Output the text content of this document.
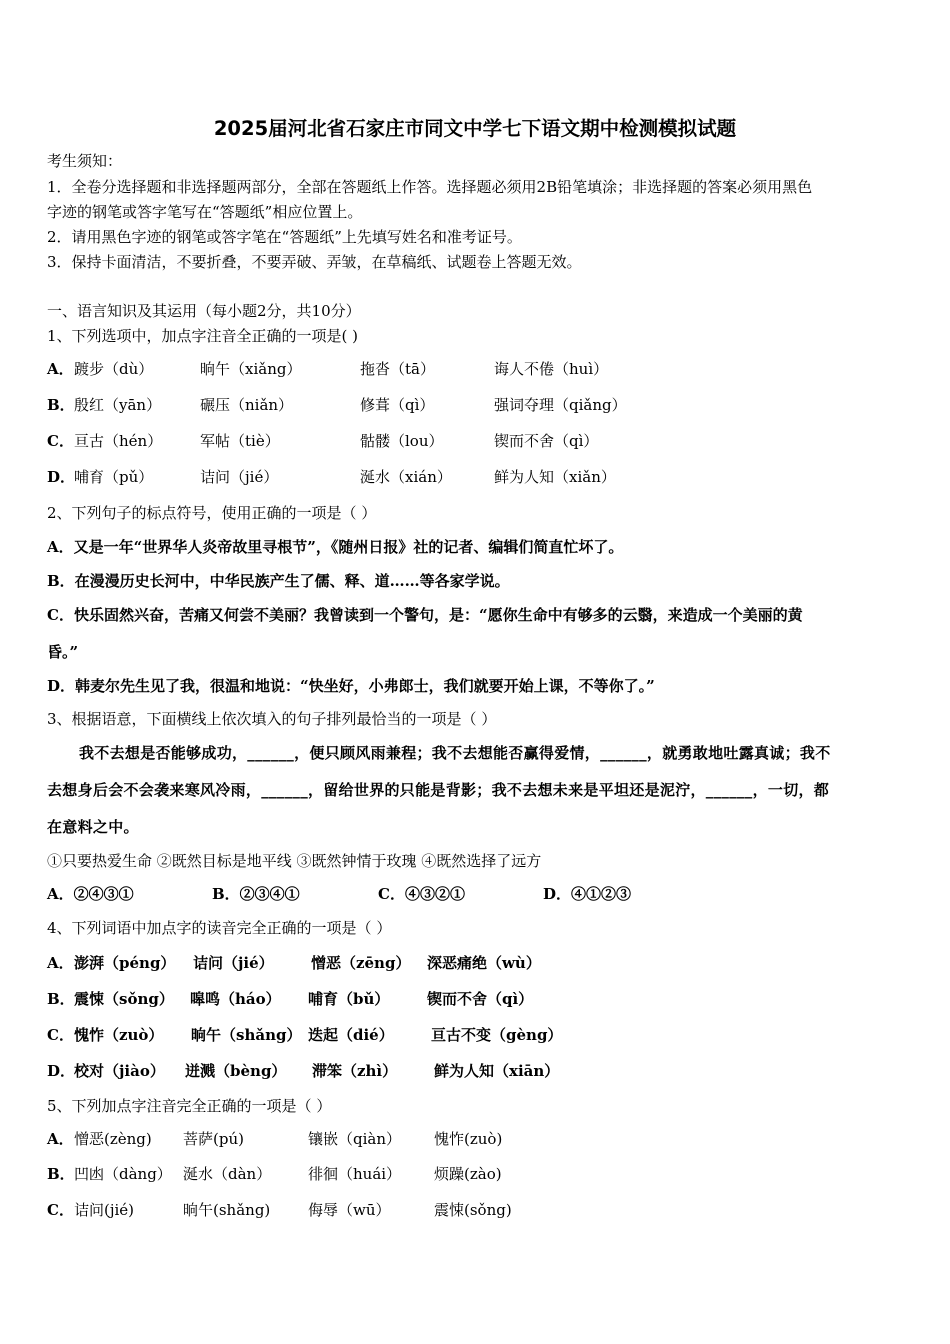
2025届河北省石家庄市同文中学七下语文期中检测模拟试题
考生须知：
1．全卷分选择题和非选择题两部分，全部在答题纸上作答。选择题必须用2B铅笔填涂；非选择题的答案必须用黑色
字迹的钢笔或答字笔写在“答题纸”相应位置上。
2．请用黑色字迹的钢笔或答字笔在“答题纸”上先填写姓名和准考证号。
3．保持卡面清洁，不要折叠，不要弄破、弄皱，在草稿纸、试题卷上答题无效。
一、语言知识及其运用（每小题2分，共10分）
1、下列选项中，加点字注音全正确的一项是( )
A． 踱步（dù）	晌午（xiǎng）	拖沓（tā）	诲人不倦（huì）
B． 殷红（yān）	碾压（niǎn）	修葺（qì）	强词夺理（qiǎng）
C． 亘古（hén）	军帖（tiè）	骷髅（lou）	锲而不舍（qì）
D．
哺育（pǔ）	诘问（jié）	涎水（xián）	鲜为人知（xiǎn）
2、下列句子的标点符号，使用正确的一项是（ ）
A．又是一年“世界华人炎帝故里寻根节”，《随州日报》社的记者、编辑们简直忙坏了。
B．在漫漫历史长河中，中华民族产生了儒、释、道……等各家学说。
C．快乐固然兴奋，苦痛又何尝不美丽？我曾读到一个警句，是：“愿你生命中有够多的云翳，来造成一个美丽的黄
昏。”
D．韩麦尔先生见了我，很温和地说：“快坐好，小弗郎士，我们就要开始上课，不等你了。”
3、根据语意，下面横线上依次填入的句子排列最恰当的一项是（ ）
我不去想是否能够成功，______，便只顾风雨兼程；我不去想能否赢得爱情，______，就勇敢地吐露真诚；我不
去想身后会不会袭来寒风冷雨，______，留给世界的只能是背影；我不去想未来是平坦还是泥泞，______，一切，都
在意料之中。
①只要热爱生命 ②既然目标是地平线 ③既然钟情于玫瑰 ④既然选择了远方
A．②④③①	B．②③④①	C．④③②①	D．④①②③
4、下列词语中加点字的读音完全正确的一项是（ ）
A． 澎湃（péng） 诘问（jié） 憎恶（zēng） 深恶痛绝（wù）
B． 震悚（sǒng） 嗥鸣（háo） 哺育（bǔ）	锲而不舍（qì）
C． 愧怍（zuò） 晌午（shǎng） 迭起（dié） 亘古不变（gèng）
D．
校对（jiào） 迸溅（bèng） 滞笨（zhì） 鲜为人知（xiān）
5、下列加点字注音完全正确的一项是（ ）
A． 憎恶(zèng) 菩萨(pú)	镶嵌（qiàn） 愧怍(zuò)
B． 凹凼（dàng） 涎水（dàn） 徘徊（huái） 烦躁(zào)
C． 诘问(jié)	晌午(shǎng)	侮辱（wū）	震悚(sǒng)
